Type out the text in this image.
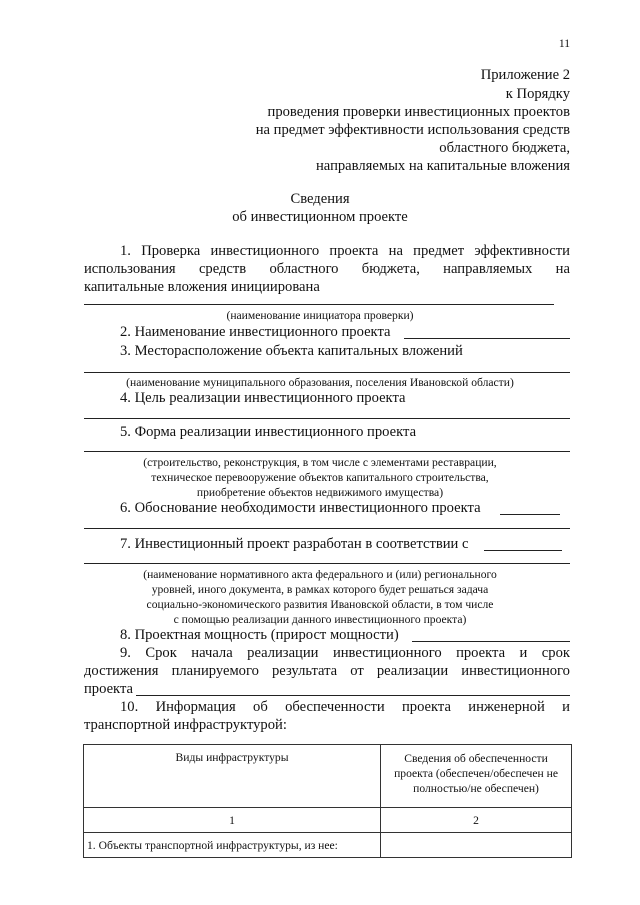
11
Приложение 2
к Порядку
проведения проверки инвестиционных проектов
на предмет эффективности использования средств
областного бюджета,
направляемых на капитальные вложения
Сведения
об инвестиционном проекте
1. Проверка инвестиционного проекта на предмет эффективности
использования средств областного бюджета, направляемых на
капитальные вложения инициирована
(наименование инициатора проверки)
2. Наименование инвестиционного проекта
3. Месторасположение объекта капитальных вложений
(наименование муниципального образования, поселения Ивановской области)
4. Цель реализации инвестиционного проекта
5. Форма реализации инвестиционного проекта
(строительство, реконструкция, в том числе с элементами реставрации,
техническое перевооружение объектов капитального строительства,
приобретение объектов недвижимого имущества)
6. Обоснование необходимости инвестиционного проекта
7. Инвестиционный проект разработан в соответствии с
(наименование нормативного акта федерального и (или) регионального
уровней, иного документа, в рамках которого будет решаться задача
социально-экономического развития Ивановской области, в том числе
с помощью реализации данного инвестиционного проекта)
8. Проектная мощность (прирост мощности)
9. Срок начала реализации инвестиционного проекта и срок
достижения планируемого результата от реализации инвестиционного
проекта
10. Информация об обеспеченности проекта инженерной и
транспортной инфраструктурой:
Виды инфраструктуры	Сведения об обеспеченности
проекта (обеспечен/обеспечен не
полностью/не обеспечен)

1	2
1. Объекты транспортной инфраструктуры, из нее:	
